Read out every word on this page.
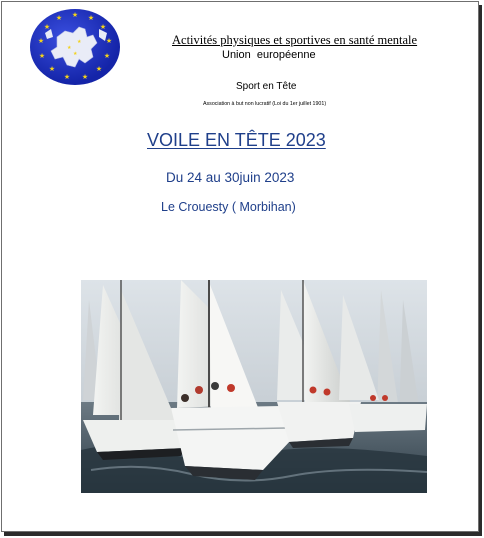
★ ★
★
★
★
★
★
★
★
★
★
★
★
★
★
★
Activités physiques et sportives en santé mentale
Union  européenne
Sport en Tête
Association à but non lucratif (Loi du 1er juillet 1901)
VOILE EN TÊTE 2023
Du 24 au 30juin 2023
Le Crouesty ( Morbihan)
